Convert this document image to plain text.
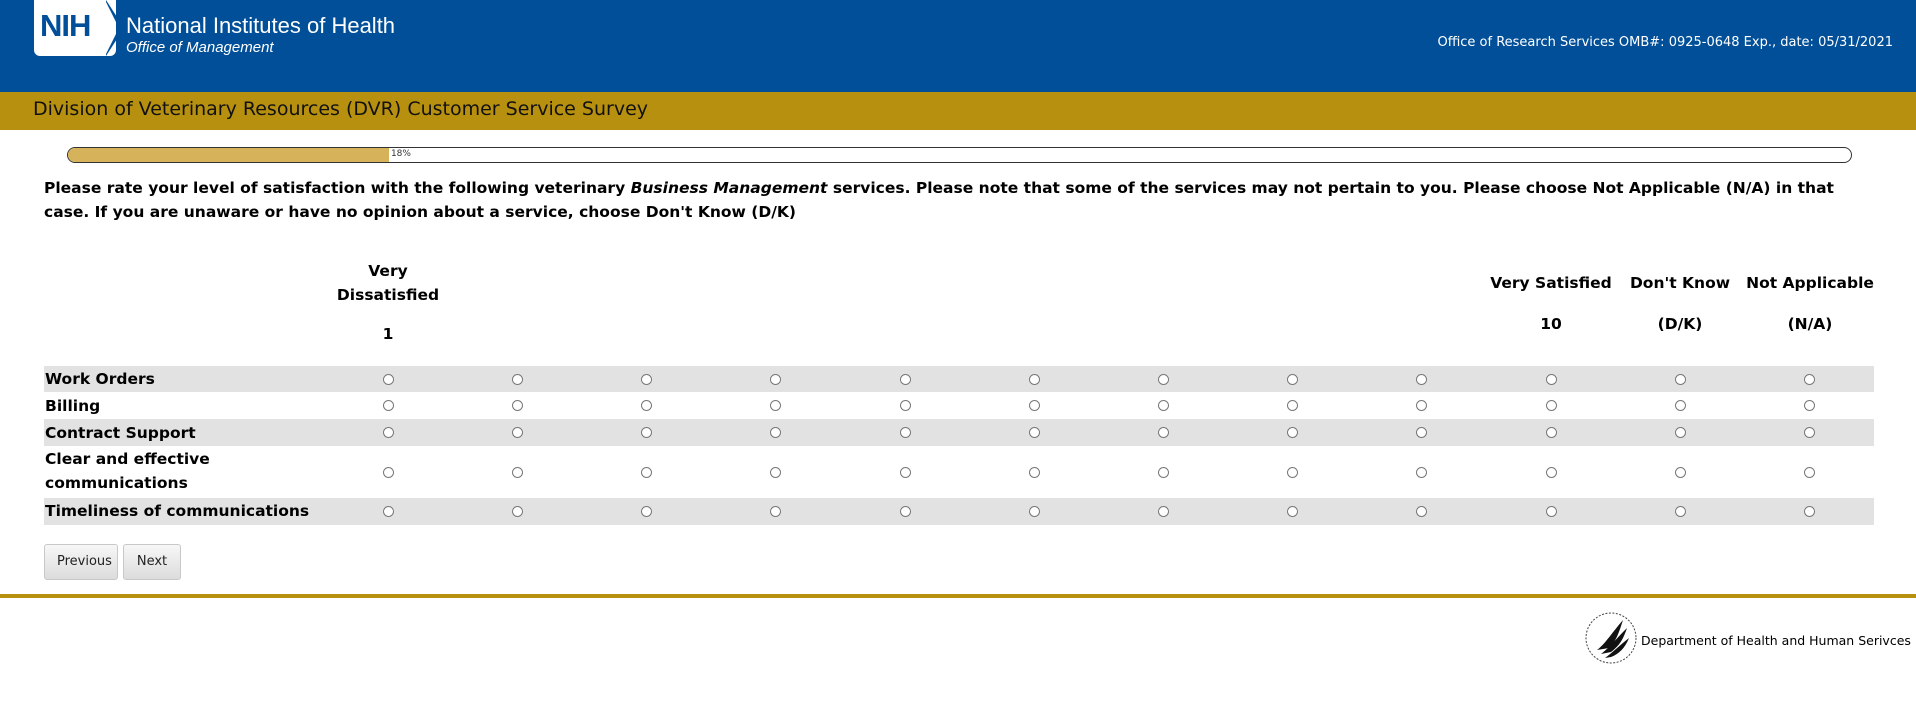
NIH National Institutes of Health
Office of Management	Office of Research Services OMB#: 0925-0648 Exp., date: 05/31/2021
Division of Veterinary Resources (DVR) Customer Service Survey
18%
Please rate your level of satisfaction with the following veterinary Business Management services. Please note that some of the services may not pertain to you. Please choose Not Applicable (N/A) in that case. If you are unaware or have no opinion about a service, choose Don't Know (D/K)
Very Dissatisfied
1
Very Satisfied
10
Don't Know
(D/K)
Not Applicable
(N/A)
Work Orders
Billing
Contract Support
Clear and effective communications
Timeliness of communications
Previous	Next
Department of Health and Human Serivces
